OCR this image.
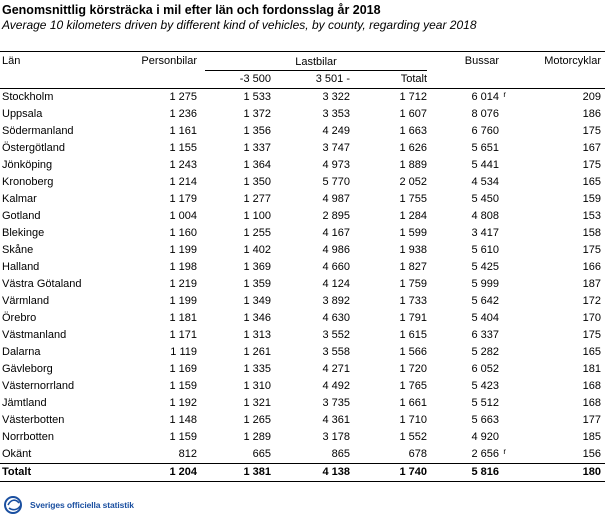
Genomsnittlig körsträcka i mil efter län och fordonsslag år 2018
Average 10 kilometers driven by different kind of vehicles, by county, regarding year 2018
Län	Personbilar	Lastbilar			Bussar	Motorcyklar
		-3 500	3 501 -	Totalt		
Stockholm	1 275	1 533	3 322	1 712	6 014 r	209
Uppsala	1 236	1 372	3 353	1 607	8 076	186
Södermanland	1 161	1 356	4 249	1 663	6 760	175
Östergötland	1 155	1 337	3 747	1 626	5 651	167
Jönköping	1 243	1 364	4 973	1 889	5 441	175
Kronoberg	1 214	1 350	5 770	2 052	4 534	165
Kalmar	1 179	1 277	4 987	1 755	5 450	159
Gotland	1 004	1 100	2 895	1 284	4 808	153
Blekinge	1 160	1 255	4 167	1 599	3 417	158
Skåne	1 199	1 402	4 986	1 938	5 610	175
Halland	1 198	1 369	4 660	1 827	5 425	166
Västra Götaland	1 219	1 359	4 124	1 759	5 999	187
Värmland	1 199	1 349	3 892	1 733	5 642	172
Örebro	1 181	1 346	4 630	1 791	5 404	170
Västmanland	1 171	1 313	3 552	1 615	6 337	175
Dalarna	1 119	1 261	3 558	1 566	5 282	165
Gävleborg	1 169	1 335	4 271	1 720	6 052	181
Västernorrland	1 159	1 310	4 492	1 765	5 423	168
Jämtland	1 192	1 321	3 735	1 661	5 512	168
Västerbotten	1 148	1 265	4 361	1 710	5 663	177
Norrbotten	1 159	1 289	3 178	1 552	4 920	185
Okänt	812	665	865	678	2 656 r	156
Totalt	1 204	1 381	4 138	1 740	5 816	180
Sveriges officiella statistik
